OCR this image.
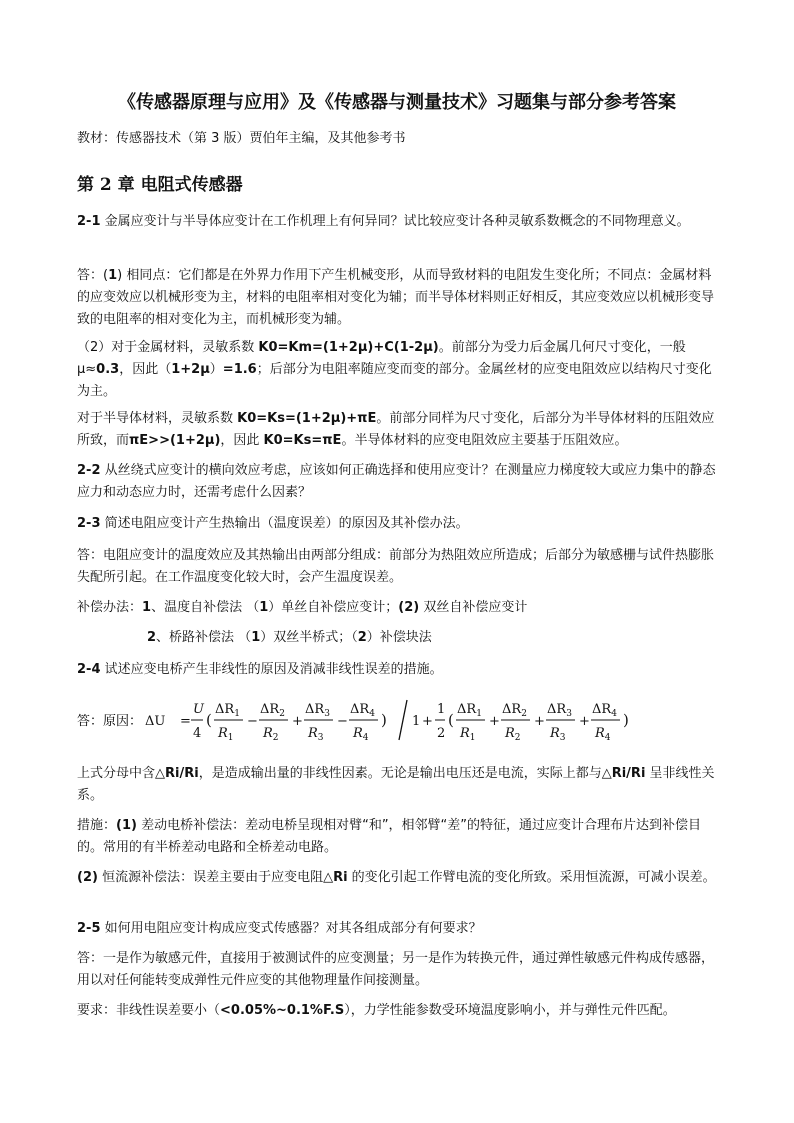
《传感器原理与应用》及《传感器与测量技术》习题集与部分参考答案

教材：传感器技术（第 3 版）贾伯年主编，及其他参考书

第 2 章 电阻式传感器

2-1 金属应变计与半导体应变计在工作机理上有何异同？试比较应变计各种灵敏系数概念的不同物理意义。

答：(1) 相同点：它们都是在外界力作用下产生机械变形，从而导致材料的电阻发生变化所；不同点：金属材料的应变效应以机械形变为主，材料的电阻率相对变化为辅；而半导体材料则正好相反，其应变效应以机械形变导致的电阻率的相对变化为主，而机械形变为辅。

（2）对于金属材料，灵敏系数 K0=Km=(1+2μ)+C(1-2μ)。前部分为受力后金属几何尺寸变化，一般μ≈0.3，因此（1+2μ）=1.6；后部分为电阻率随应变而变的部分。金属丝材的应变电阻效应以结构尺寸变化为主。

对于半导体材料，灵敏系数 K0=Ks=(1+2μ)+πE。前部分同样为尺寸变化，后部分为半导体材料的压阻效应所致，而πE>>(1+2μ)，因此 K0=Ks=πE。半导体材料的应变电阻效应主要基于压阻效应。

2-2 从丝绕式应变计的横向效应考虑，应该如何正确选择和使用应变计？在测量应力梯度较大或应力集中的静态应力和动态应力时，还需考虑什么因素？

2-3 简述电阻应变计产生热输出（温度误差）的原因及其补偿办法。

答：电阻应变计的温度效应及其热输出由两部分组成：前部分为热阻效应所造成；后部分为敏感栅与试件热膨胀失配所引起。在工作温度变化较大时，会产生温度误差。

补偿办法：1、温度自补偿法 （1）单丝自补偿应变计；(2) 双丝自补偿应变计

2、桥路补偿法 （1）双丝半桥式；（2）补偿块法

2-4 试述应变电桥产生非线性的原因及消减非线性误差的措施。

答：原因： ΔU =
U
4
(
$\Delta R_1$
$R_1$
−
$\Delta R_2$
$R_2$
+
$\Delta R_3$
$R_3$
−
$\Delta R_4$
$R_4$
) 1 +
1
2
(
$\Delta R_1$
$R_1$
+
$\Delta R_2$
$R_2$
+
$\Delta R_3$
$R_3$
+
$\Delta R_4$
$R_4$
)

上式分母中含△Ri/Ri，是造成输出量的非线性因素。无论是输出电压还是电流，实际上都与△Ri/Ri 呈非线性关系。

措施：(1) 差动电桥补偿法：差动电桥呈现相对臂“和”，相邻臂“差”的特征，通过应变计合理布片达到补偿目的。常用的有半桥差动电路和全桥差动电路。

(2) 恒流源补偿法：误差主要由于应变电阻△Ri 的变化引起工作臂电流的变化所致。采用恒流源，可减小误差。

2-5 如何用电阻应变计构成应变式传感器？对其各组成部分有何要求？

答：一是作为敏感元件，直接用于被测试件的应变测量；另一是作为转换元件，通过弹性敏感元件构成传感器，用以对任何能转变成弹性元件应变的其他物理量作间接测量。

要求：非线性误差要小（<0.05%~0.1%F.S），力学性能参数受环境温度影响小，并与弹性元件匹配。
